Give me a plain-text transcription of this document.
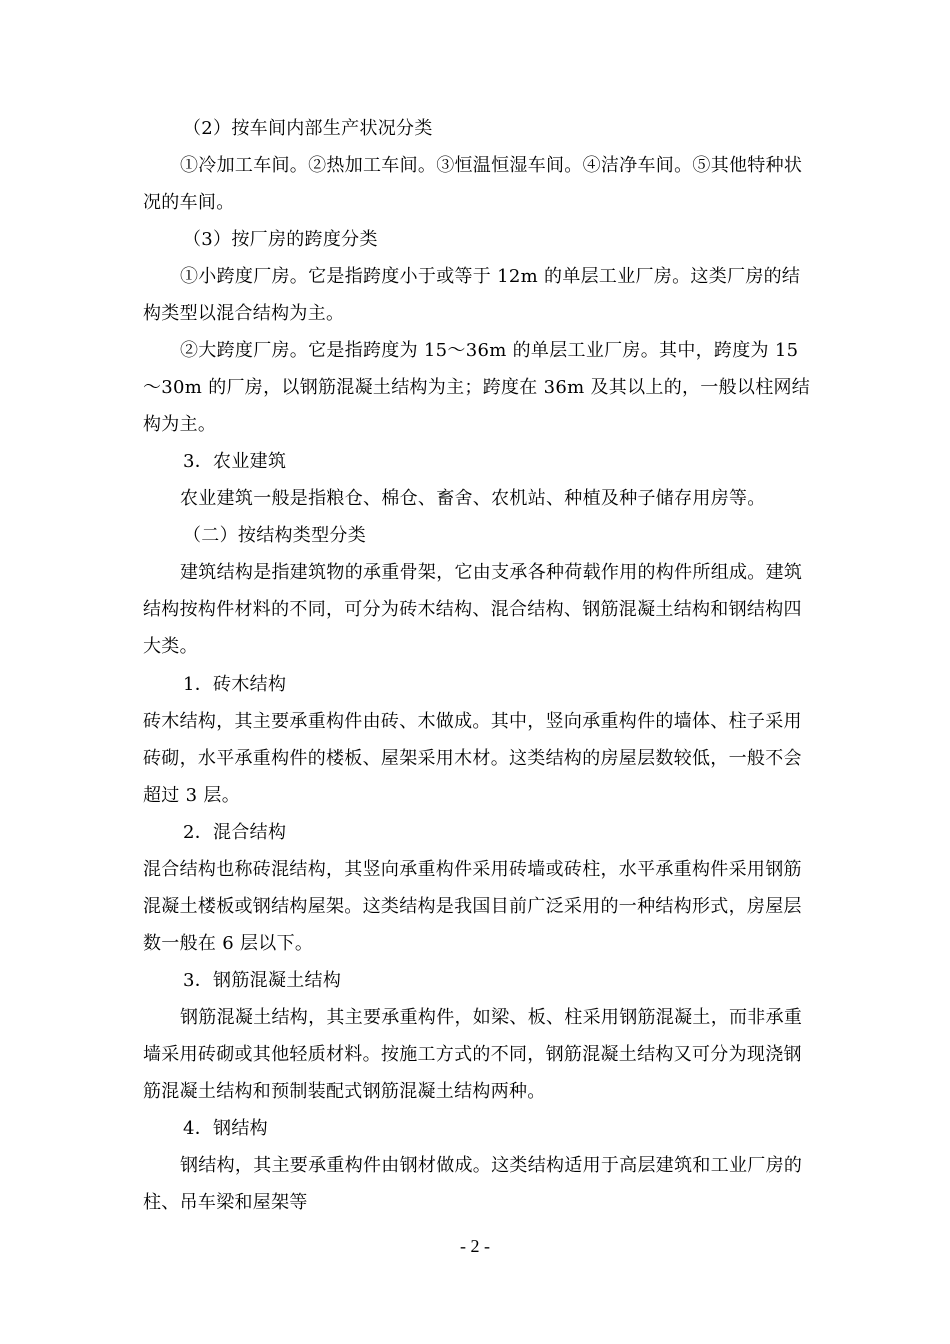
（2）按车间内部生产状况分类

①冷加工车间。②热加工车间。③恒温恒湿车间。④洁净车间。⑤其他特种状况的车间。

（3）按厂房的跨度分类

①小跨度厂房。它是指跨度小于或等于 12m 的单层工业厂房。这类厂房的结构类型以混合结构为主。

②大跨度厂房。它是指跨度为 15～36m 的单层工业厂房。其中，跨度为 15～30m 的厂房，以钢筋混凝土结构为主；跨度在 36m 及其以上的，一般以柱网结构为主。

3．农业建筑

农业建筑一般是指粮仓、棉仓、畜舍、农机站、种植及种子储存用房等。

（二）按结构类型分类

建筑结构是指建筑物的承重骨架，它由支承各种荷载作用的构件所组成。建筑结构按构件材料的不同，可分为砖木结构、混合结构、钢筋混凝土结构和钢结构四大类。

1．砖木结构

砖木结构，其主要承重构件由砖、木做成。其中，竖向承重构件的墙体、柱子采用砖砌，水平承重构件的楼板、屋架采用木材。这类结构的房屋层数较低，一般不会超过 3 层。

2．混合结构

混合结构也称砖混结构，其竖向承重构件采用砖墙或砖柱，水平承重构件采用钢筋混凝土楼板或钢结构屋架。这类结构是我国目前广泛采用的一种结构形式，房屋层数一般在 6 层以下。

3．钢筋混凝土结构

钢筋混凝土结构，其主要承重构件，如梁、板、柱采用钢筋混凝土，而非承重墙采用砖砌或其他轻质材料。按施工方式的不同，钢筋混凝土结构又可分为现浇钢筋混凝土结构和预制装配式钢筋混凝土结构两种。

4．钢结构

钢结构，其主要承重构件由钢材做成。这类结构适用于高层建筑和工业厂房的柱、吊车梁和屋架等

- 2 -
